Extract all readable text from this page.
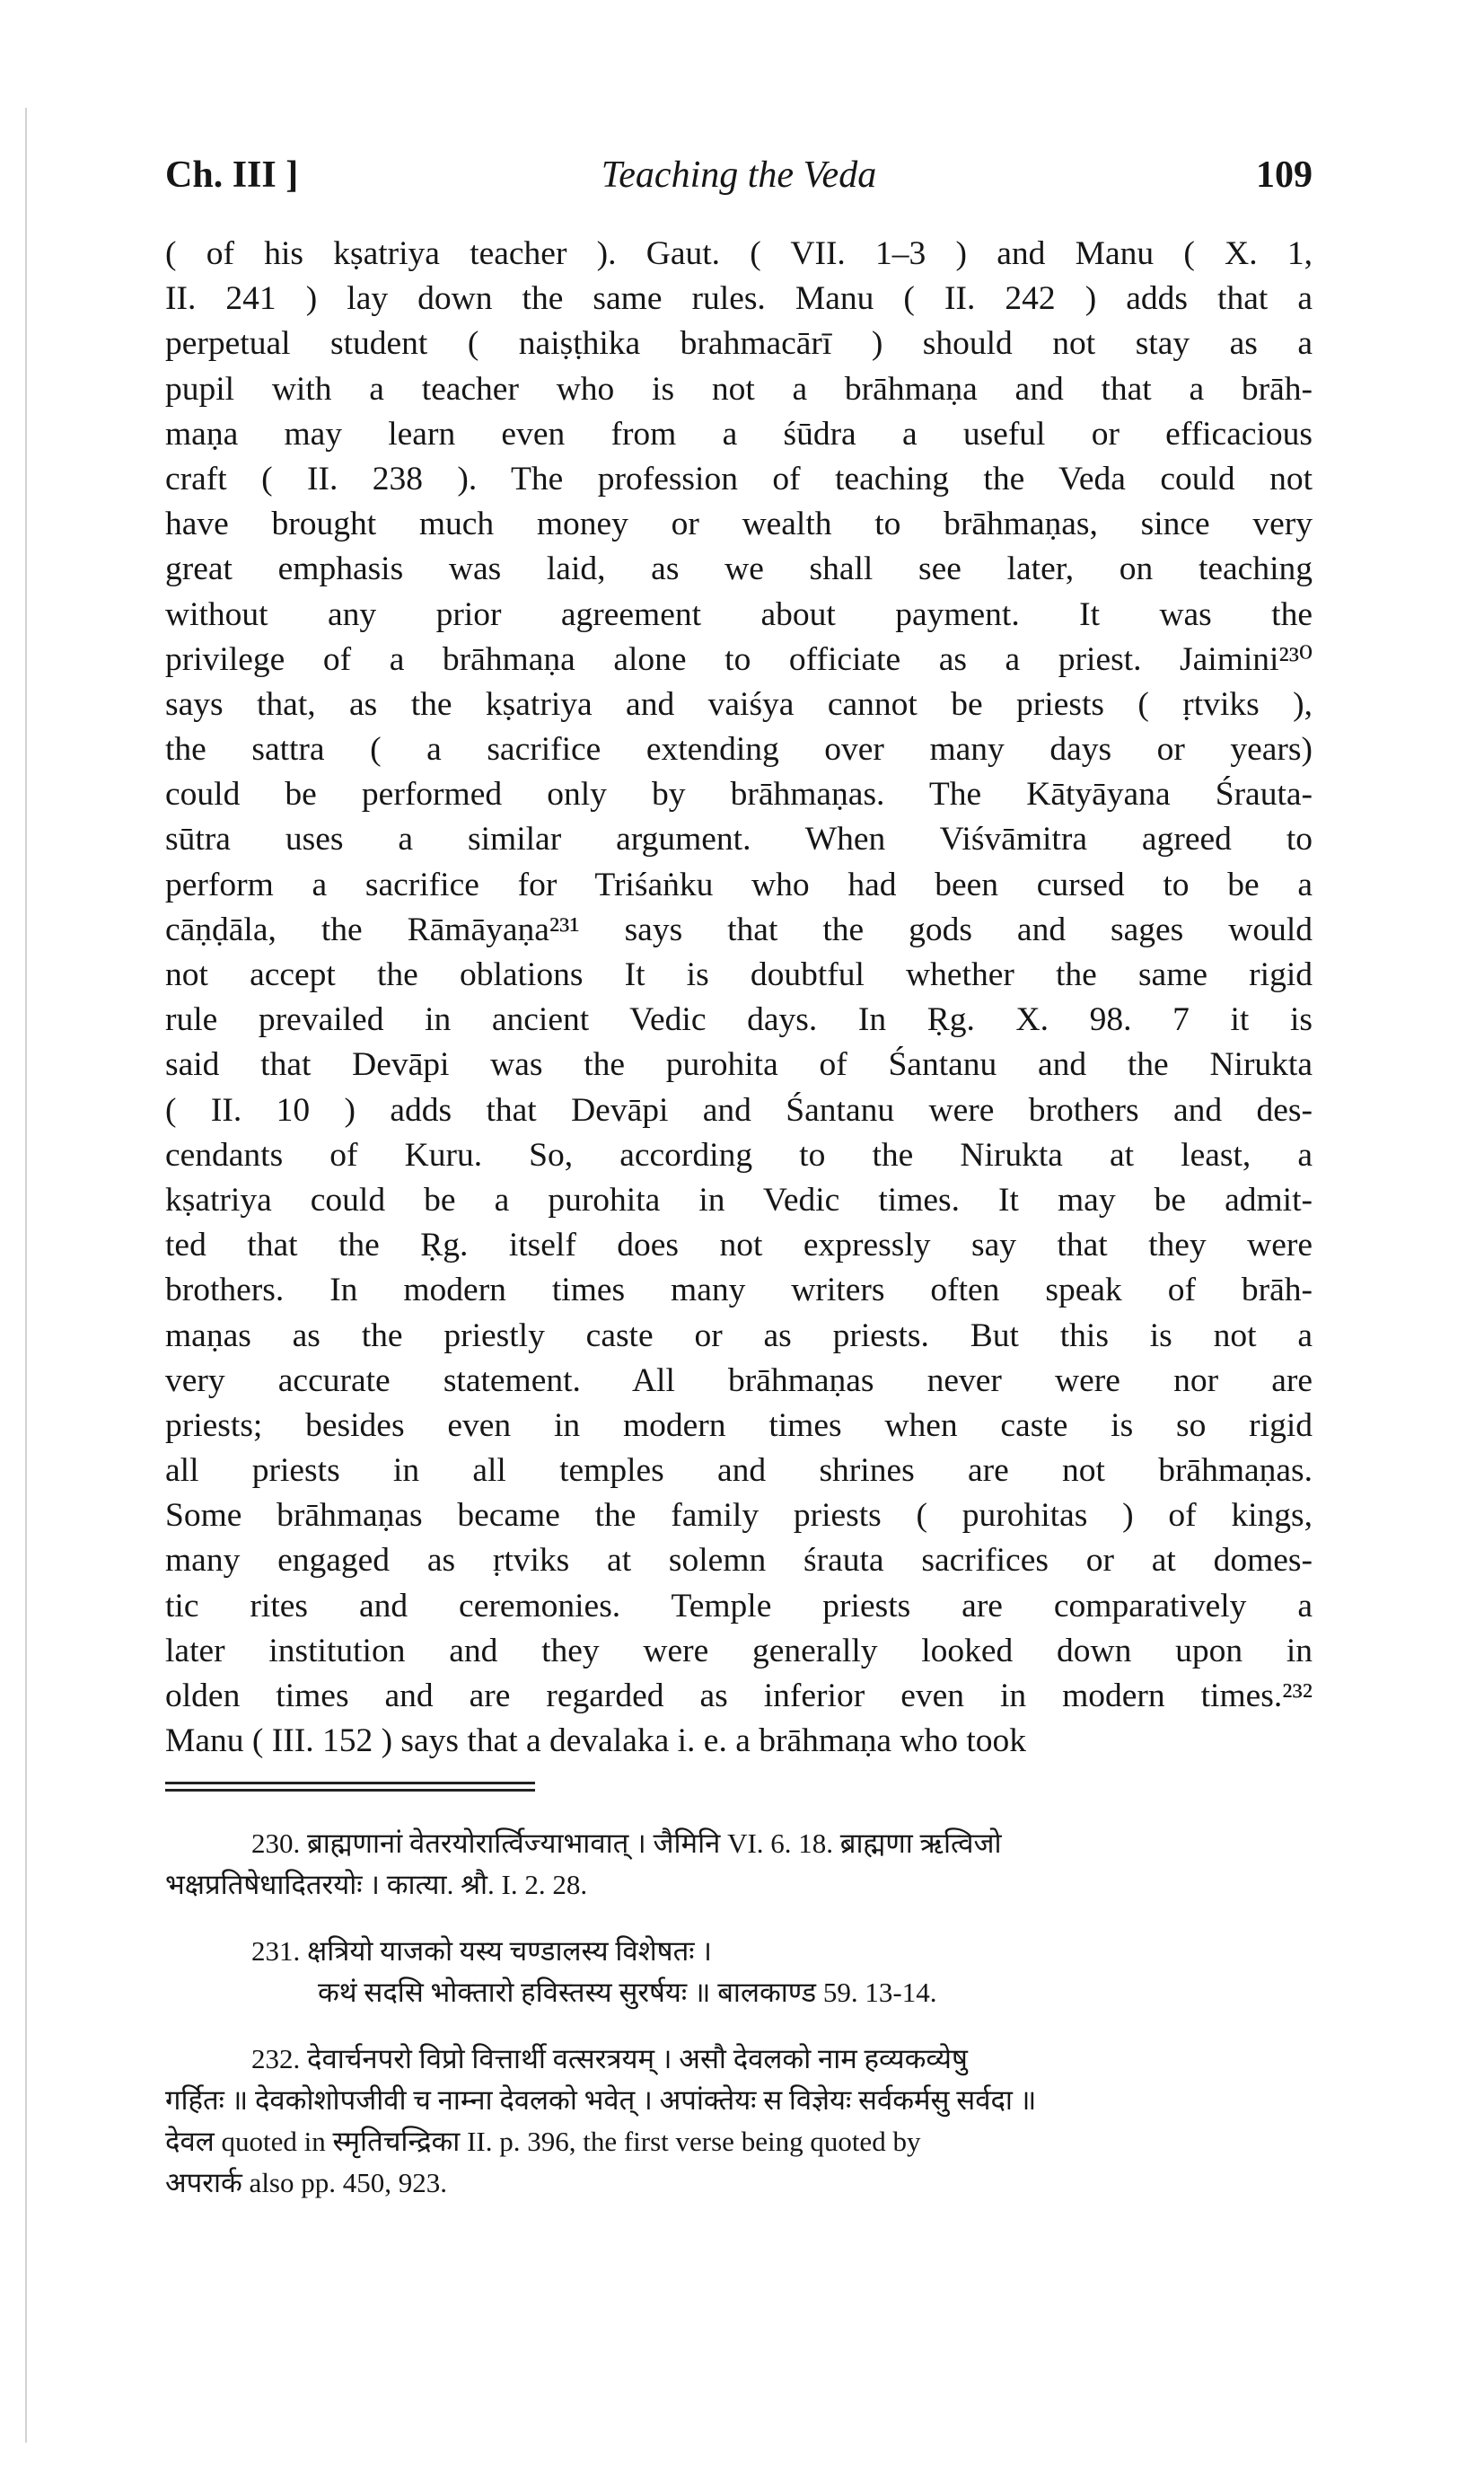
Ch. III ]	Teaching the Veda	109
( of his kṣatriya teacher ). Gaut. ( VII. 1–3 ) and Manu ( X. 1,
II. 241 ) lay down the same rules. Manu ( II. 242 ) adds that a
perpetual student ( naiṣṭhika brahmacārī ) should not stay as a
pupil with a teacher who is not a brāhmaṇa and that a brāh-
maṇa may learn even from a śūdra a useful or efficacious
craft ( II. 238 ). The profession of teaching the Veda could not
have brought much money or wealth to brāhmaṇas, since very
great emphasis was laid, as we shall see later, on teaching
without any prior agreement about payment. It was the
privilege of a brāhmaṇa alone to officiate as a priest. Jaimini²³⁰
says that, as the kṣatriya and vaiśya cannot be priests ( ṛtviks ),
the sattra ( a sacrifice extending over many days or years)
could be performed only by brāhmaṇas. The Kātyāyana Śrauta-
sūtra uses a similar argument. When Viśvāmitra agreed to
perform a sacrifice for Triśaṅku who had been cursed to be a
cāṇḍāla, the Rāmāyaṇa²³¹ says that the gods and sages would
not accept the oblations It is doubtful whether the same rigid
rule prevailed in ancient Vedic days. In Ṛg. X. 98. 7 it is
said that Devāpi was the purohita of Śantanu and the Nirukta
( II. 10 ) adds that Devāpi and Śantanu were brothers and des-
cendants of Kuru. So, according to the Nirukta at least, a
kṣatriya could be a purohita in Vedic times. It may be admit-
ted that the Ṛg. itself does not expressly say that they were
brothers. In modern times many writers often speak of brāh-
maṇas as the priestly caste or as priests. But this is not a
very accurate statement. All brāhmaṇas never were nor are
priests; besides even in modern times when caste is so rigid
all priests in all temples and shrines are not brāhmaṇas.
Some brāhmaṇas became the family priests ( purohitas ) of kings,
many engaged as ṛtviks at solemn śrauta sacrifices or at domes-
tic rites and ceremonies. Temple priests are comparatively a
later institution and they were generally looked down upon in
olden times and are regarded as inferior even in modern times.²³²
Manu ( III. 152 ) says that a devalaka i. e. a brāhmaṇa who took
230. ब्राह्मणानां वेतरयोरार्त्विज्याभावात् । जैमिनि VI. 6. 18. ब्राह्मणा ऋत्विजो
भक्षप्रतिषेधादितरयोः । कात्या. श्रौ. I. 2. 28.
231. क्षत्रियो याजको यस्य चण्डालस्य विशेषतः ।
कथं सदसि भोक्तारो हविस्तस्य सुरर्षयः ॥ बालकाण्ड 59. 13-14.
232. देवार्चनपरो विप्रो वित्तार्थी वत्सरत्रयम् । असौ देवलको नाम हव्यकव्येषु
गर्हितः ॥ देवकोशोपजीवी च नाम्ना देवलको भवेत् । अपांक्तेयः स विज्ञेयः सर्वकर्मसु सर्वदा ॥
देवल quoted in स्मृतिचन्द्रिका II. p. 396, the first verse being quoted by
अपरार्क also pp. 450, 923.
